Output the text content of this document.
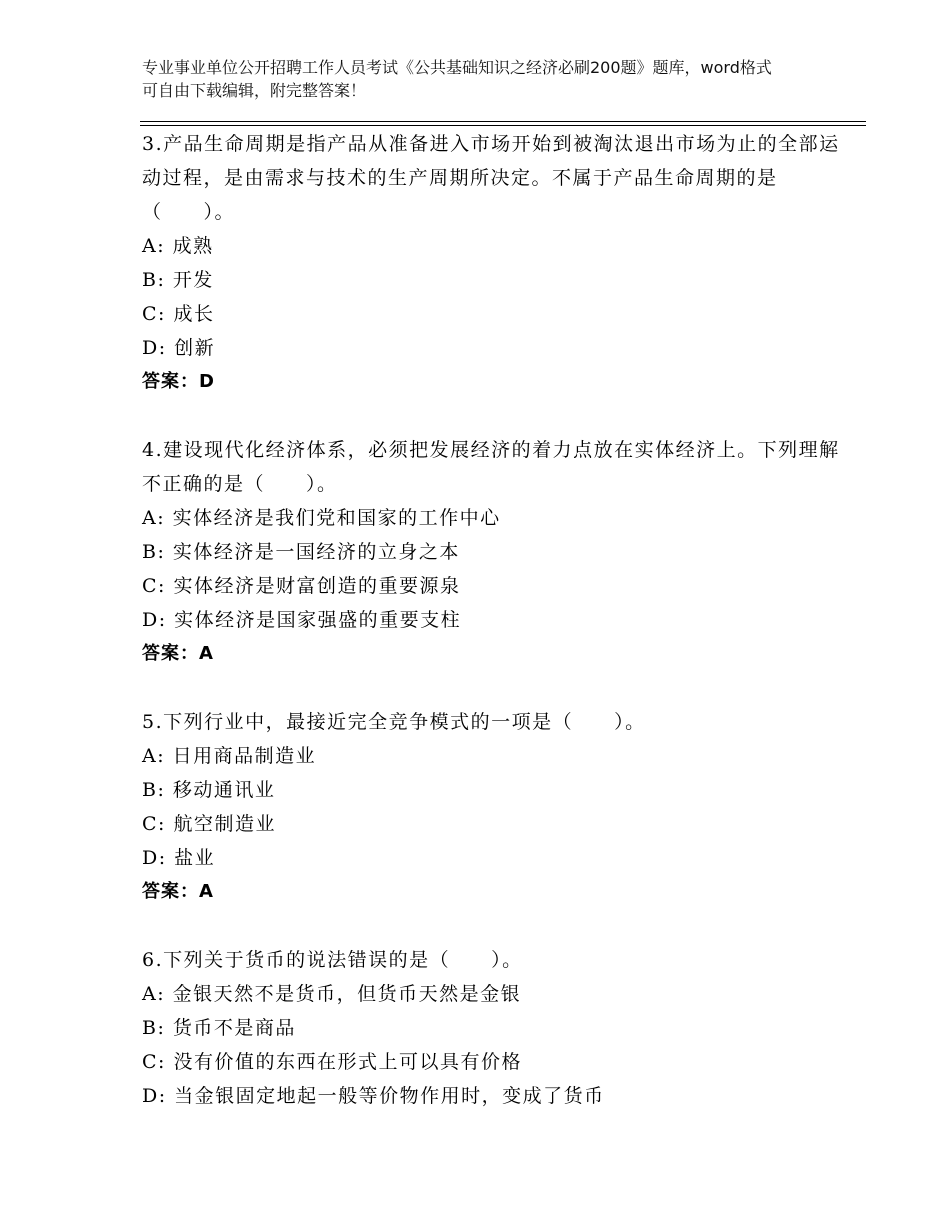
专业事业单位公开招聘工作人员考试《公共基础知识之经济必刷200题》题库，word格式可自由下载编辑，附完整答案！
3.产品生命周期是指产品从准备进入市场开始到被淘汰退出市场为止的全部运动过程，是由需求与技术的生产周期所决定。不属于产品生命周期的是（　　）。
A: 成熟
B: 开发
C: 成长
D: 创新
答案：D
4.建设现代化经济体系，必须把发展经济的着力点放在实体经济上。下列理解不正确的是（　　）。
A: 实体经济是我们党和国家的工作中心
B: 实体经济是一国经济的立身之本
C: 实体经济是财富创造的重要源泉
D: 实体经济是国家强盛的重要支柱
答案：A
5.下列行业中，最接近完全竞争模式的一项是（　　）。
A: 日用商品制造业
B: 移动通讯业
C: 航空制造业
D: 盐业
答案：A
6.下列关于货币的说法错误的是（　　）。
A: 金银天然不是货币，但货币天然是金银
B: 货币不是商品
C: 没有价值的东西在形式上可以具有价格
D: 当金银固定地起一般等价物作用时，变成了货币
